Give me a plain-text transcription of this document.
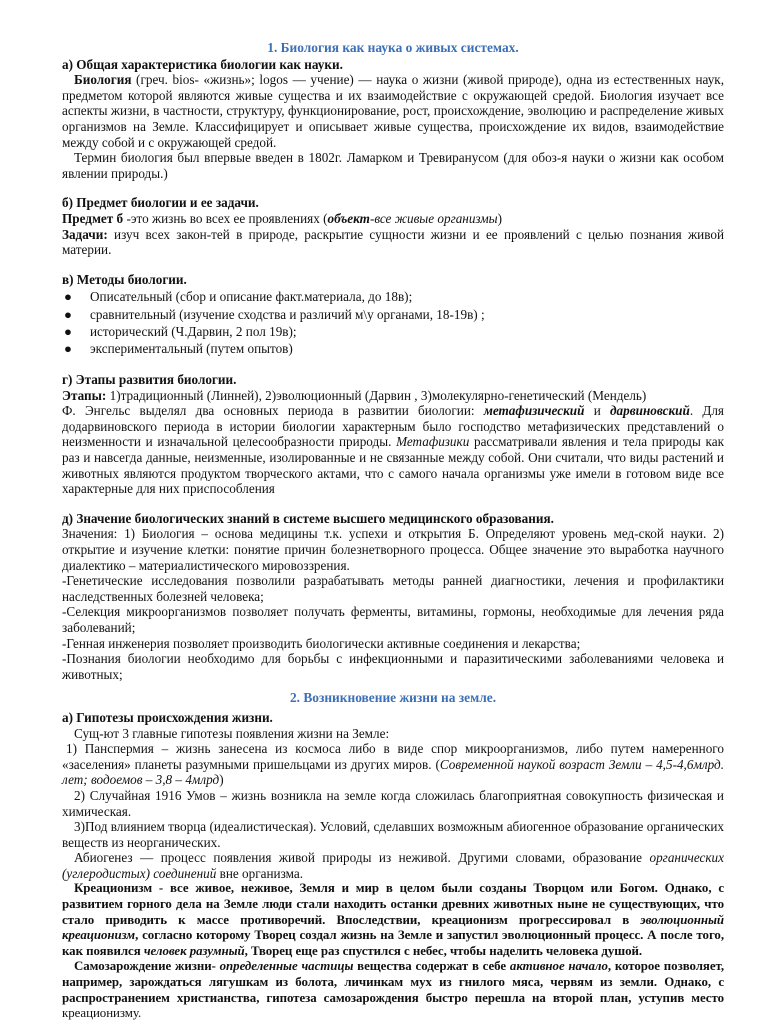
1. Биология как наука о живых системах.

а) Общая характеристика биологии как науки.

Биология (греч. bios- «жизнь»; logos — учение) — наука о жизни (живой природе), одна из естественных наук, предметом которой являются живые существа и их взаимодействие с окружающей средой. Биология изучает все аспекты жизни, в частности, структуру, функционирование, рост, происхождение, эволюцию и распределение живых организмов на Земле. Классифицирует и описывает живые существа, происхождение их видов, взаимодействие между собой и с окружающей средой.

Термин биология был впервые введен в 1802г. Ламарком и Тревиранусом (для обоз-я науки о жизни как особом явлении природы.)

б) Предмет биологии и ее задачи.

Предмет б -это жизнь во всех ее проявлениях (объект-все живые организмы)

Задачи: изуч всех закон-тей в природе, раскрытие сущности жизни и ее проявлений с целью познания живой материи.

в) Методы биологии.

● Описательный (сбор и описание факт.материала, до 18в);
● сравнительный (изучение сходства и различий м\у органами, 18-19в) ;
● исторический (Ч.Дарвин, 2 пол 19в);
● экспериментальный (путем опытов)

г) Этапы развития биологии.

Этапы: 1)традиционный (Линней), 2)эволюционный (Дарвин , 3)молекулярно-генетический (Мендель)

Ф. Энгельс выделял два основных периода в развитии биологии: метафизический и дарвиновский. Для додарвиновского периода в истории биологии характерным было господство метафизических представлений о неизменности и изначальной целесообразности природы. Метафизики рассматривали явления и тела природы как раз и навсегда данные, неизменные, изолированные и не связанные между собой. Они считали, что виды растений и животных являются продуктом творческого актами, что с самого начала организмы уже имели в готовом виде все характерные для них приспособления

д) Значение биологических знаний в системе высшего медицинского образования.

Значения: 1) Биология – основа медицины т.к. успехи и открытия Б. Определяют уровень мед-ской науки. 2) открытие и изучение клетки: понятие причин болезнетворного процесса. Общее значение это выработка научного диалектико – материалистического мировоззрения.

-Генетические исследования позволили разрабатывать методы ранней диагностики, лечения и профилактики наследственных болезней человека;

-Селекция микроорганизмов позволяет получать ферменты, витамины, гормоны, необходимые для лечения ряда заболеваний;

-Генная инженерия позволяет производить биологически активные соединения и лекарства;

-Познания биологии необходимо для борьбы с инфекционными и паразитическими заболеваниями человека и животных;

2. Возникновение жизни на земле.

а) Гипотезы происхождения жизни.

Сущ-ют 3 главные гипотезы появления жизни на Земле:

1) Панспермия – жизнь занесена из космоса либо в виде спор микроорганизмов, либо путем намеренного «заселения» планеты разумными пришельцами из других миров. (Современной наукой возраст Земли – 4,5-4,6млрд. лет; водоемов – 3,8 – 4млрд)

2) Случайная 1916 Умов – жизнь возникла на земле когда сложилась благоприятная совокупность физическая и химическая.

3)Под влиянием творца (идеалистическая). Условий, сделавших возможным абиогенное образование органических веществ из неорганических.

Абиогенез — процесс появления живой природы из неживой. Другими словами, образование органических (углеродистых) соединений вне организма.

Креационизм - все живое, неживое, Земля и мир в целом были созданы Творцом или Богом. Однако, с развитием горного дела на Земле люди стали находить останки древних животных ныне не существующих, что стало приводить к массе противоречий. Впоследствии, креационизм прогрессировал в эволюционный креационизм, согласно которому Творец создал жизнь на Земле и запустил эволюционный процесс. А после того, как появился человек разумный, Творец еще раз спустился с небес, чтобы наделить человека душой.

Самозарождение жизни- определенные частицы вещества содержат в себе активное начало, которое позволяет, например, зарождаться лягушкам из болота, личинкам мух из гнилого мяса, червям из земли. Однако, с распространением христианства, гипотеза самозарождения быстро перешла на второй план, уступив место креационизму.
